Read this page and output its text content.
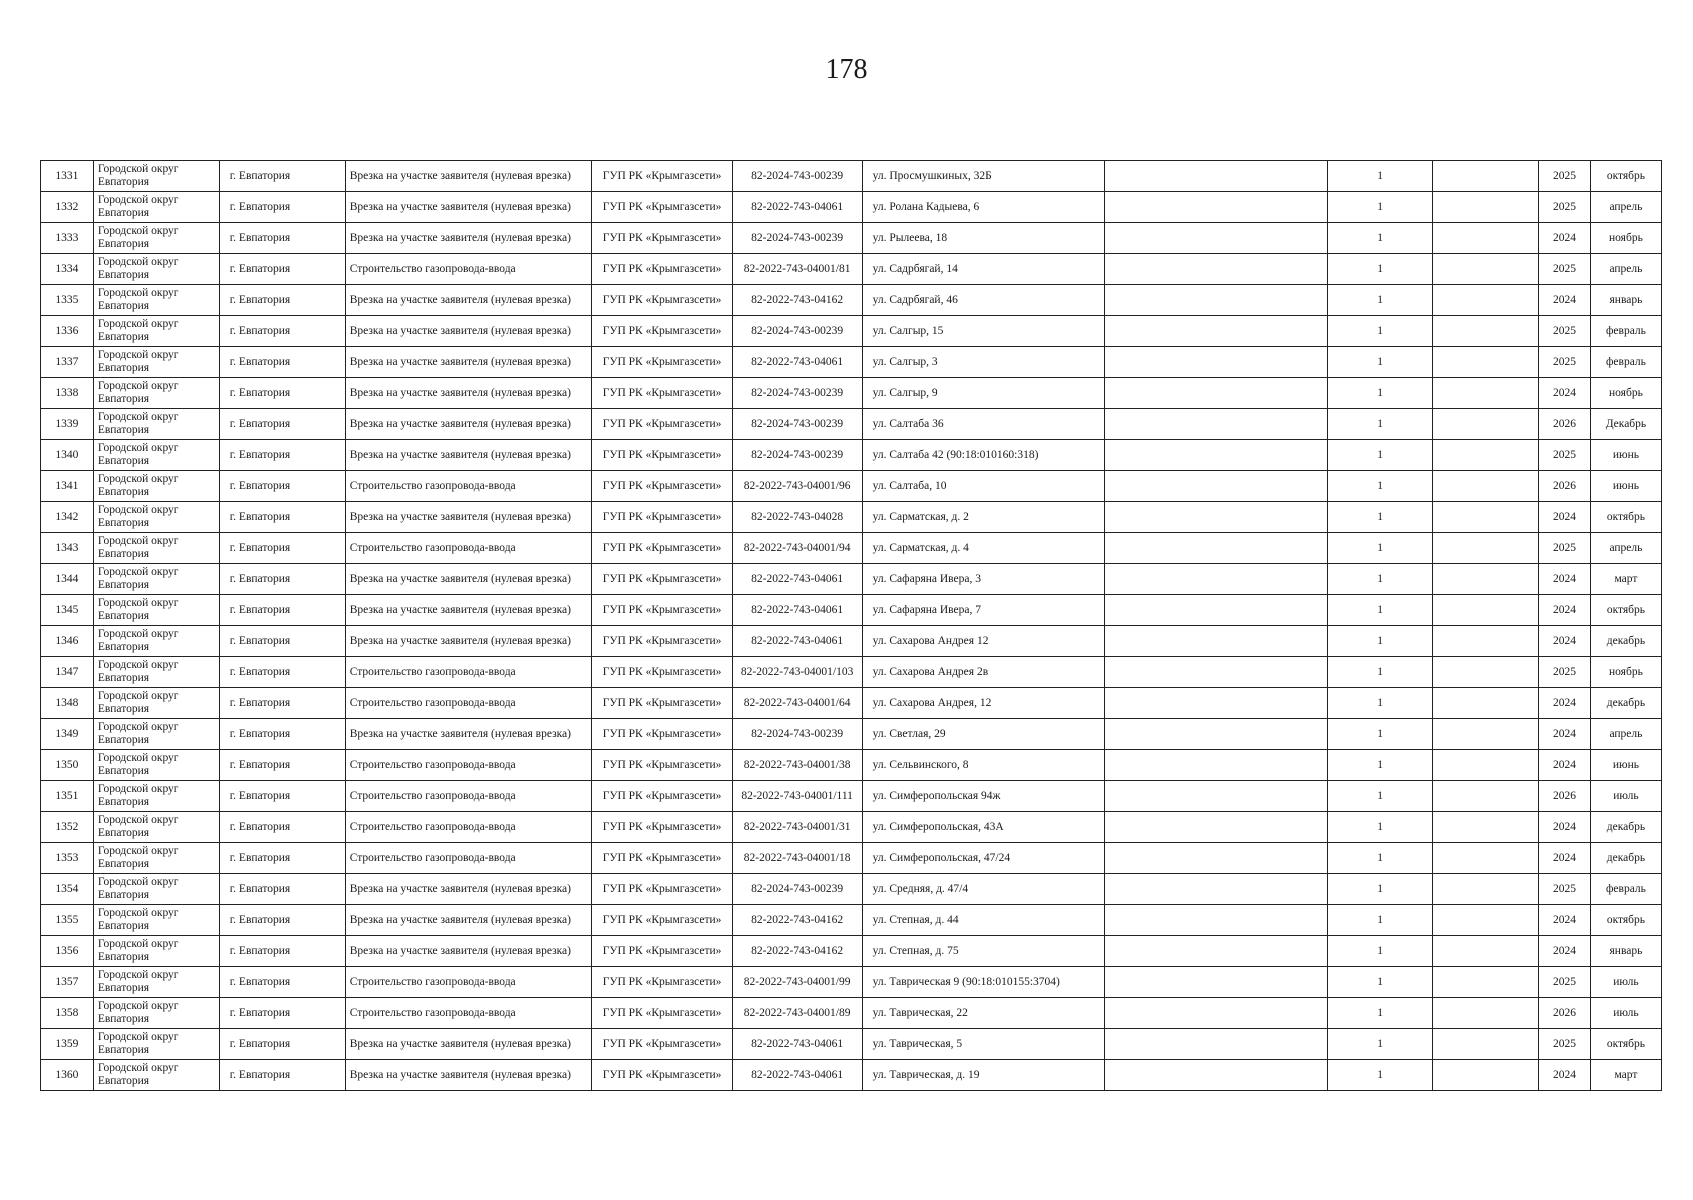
178
1331	Городской округ Евпатория	г. Евпатория	Врезка на участке заявителя (нулевая врезка)	ГУП РК «Крымгазсети»	82-2024-743-00239	ул. Просмушкиных, 32Б		1		2025	октябрь
1332	Городской округ Евпатория	г. Евпатория	Врезка на участке заявителя (нулевая врезка)	ГУП РК «Крымгазсети»	82-2022-743-04061	ул. Ролана Кадыева, 6		1		2025	апрель
1333	Городской округ Евпатория	г. Евпатория	Врезка на участке заявителя (нулевая врезка)	ГУП РК «Крымгазсети»	82-2024-743-00239	ул. Рылеева, 18		1		2024	ноябрь
1334	Городской округ Евпатория	г. Евпатория	Строительство газопровода-ввода	ГУП РК «Крымгазсети»	82-2022-743-04001/81	ул. Садрбягай, 14		1		2025	апрель
1335	Городской округ Евпатория	г. Евпатория	Врезка на участке заявителя (нулевая врезка)	ГУП РК «Крымгазсети»	82-2022-743-04162	ул. Садрбягай, 46		1		2024	январь
1336	Городской округ Евпатория	г. Евпатория	Врезка на участке заявителя (нулевая врезка)	ГУП РК «Крымгазсети»	82-2024-743-00239	ул. Салгыр, 15		1		2025	февраль
1337	Городской округ Евпатория	г. Евпатория	Врезка на участке заявителя (нулевая врезка)	ГУП РК «Крымгазсети»	82-2022-743-04061	ул. Салгыр, 3		1		2025	февраль
1338	Городской округ Евпатория	г. Евпатория	Врезка на участке заявителя (нулевая врезка)	ГУП РК «Крымгазсети»	82-2024-743-00239	ул. Салгыр, 9		1		2024	ноябрь
1339	Городской округ Евпатория	г. Евпатория	Врезка на участке заявителя (нулевая врезка)	ГУП РК «Крымгазсети»	82-2024-743-00239	ул. Салтаба 36		1		2026	Декабрь
1340	Городской округ Евпатория	г. Евпатория	Врезка на участке заявителя (нулевая врезка)	ГУП РК «Крымгазсети»	82-2024-743-00239	ул. Салтаба 42 (90:18:010160:318)		1		2025	июнь
1341	Городской округ Евпатория	г. Евпатория	Строительство газопровода-ввода	ГУП РК «Крымгазсети»	82-2022-743-04001/96	ул. Салтаба, 10		1		2026	июнь
1342	Городской округ Евпатория	г. Евпатория	Врезка на участке заявителя (нулевая врезка)	ГУП РК «Крымгазсети»	82-2022-743-04028	ул. Сарматская, д. 2		1		2024	октябрь
1343	Городской округ Евпатория	г. Евпатория	Строительство газопровода-ввода	ГУП РК «Крымгазсети»	82-2022-743-04001/94	ул. Сарматская, д. 4		1		2025	апрель
1344	Городской округ Евпатория	г. Евпатория	Врезка на участке заявителя (нулевая врезка)	ГУП РК «Крымгазсети»	82-2022-743-04061	ул. Сафаряна Ивера, 3		1		2024	март
1345	Городской округ Евпатория	г. Евпатория	Врезка на участке заявителя (нулевая врезка)	ГУП РК «Крымгазсети»	82-2022-743-04061	ул. Сафаряна Ивера, 7		1		2024	октябрь
1346	Городской округ Евпатория	г. Евпатория	Врезка на участке заявителя (нулевая врезка)	ГУП РК «Крымгазсети»	82-2022-743-04061	ул. Сахарова Андрея 12		1		2024	декабрь
1347	Городской округ Евпатория	г. Евпатория	Строительство газопровода-ввода	ГУП РК «Крымгазсети»	82-2022-743-04001/103	ул. Сахарова Андрея 2в		1		2025	ноябрь
1348	Городской округ Евпатория	г. Евпатория	Строительство газопровода-ввода	ГУП РК «Крымгазсети»	82-2022-743-04001/64	ул. Сахарова Андрея, 12		1		2024	декабрь
1349	Городской округ Евпатория	г. Евпатория	Врезка на участке заявителя (нулевая врезка)	ГУП РК «Крымгазсети»	82-2024-743-00239	ул. Светлая, 29		1		2024	апрель
1350	Городской округ Евпатория	г. Евпатория	Строительство газопровода-ввода	ГУП РК «Крымгазсети»	82-2022-743-04001/38	ул. Сельвинского, 8		1		2024	июнь
1351	Городской округ Евпатория	г. Евпатория	Строительство газопровода-ввода	ГУП РК «Крымгазсети»	82-2022-743-04001/111	ул. Симферопольская 94ж		1		2026	июль
1352	Городской округ Евпатория	г. Евпатория	Строительство газопровода-ввода	ГУП РК «Крымгазсети»	82-2022-743-04001/31	ул. Симферопольская, 43А		1		2024	декабрь
1353	Городской округ Евпатория	г. Евпатория	Строительство газопровода-ввода	ГУП РК «Крымгазсети»	82-2022-743-04001/18	ул. Симферопольская, 47/24		1		2024	декабрь
1354	Городской округ Евпатория	г. Евпатория	Врезка на участке заявителя (нулевая врезка)	ГУП РК «Крымгазсети»	82-2024-743-00239	ул. Средняя, д. 47/4		1		2025	февраль
1355	Городской округ Евпатория	г. Евпатория	Врезка на участке заявителя (нулевая врезка)	ГУП РК «Крымгазсети»	82-2022-743-04162	ул. Степная, д. 44		1		2024	октябрь
1356	Городской округ Евпатория	г. Евпатория	Врезка на участке заявителя (нулевая врезка)	ГУП РК «Крымгазсети»	82-2022-743-04162	ул. Степная, д. 75		1		2024	январь
1357	Городской округ Евпатория	г. Евпатория	Строительство газопровода-ввода	ГУП РК «Крымгазсети»	82-2022-743-04001/99	ул. Таврическая 9 (90:18:010155:3704)		1		2025	июль
1358	Городской округ Евпатория	г. Евпатория	Строительство газопровода-ввода	ГУП РК «Крымгазсети»	82-2022-743-04001/89	ул. Таврическая, 22		1		2026	июль
1359	Городской округ Евпатория	г. Евпатория	Врезка на участке заявителя (нулевая врезка)	ГУП РК «Крымгазсети»	82-2022-743-04061	ул. Таврическая, 5		1		2025	октябрь
1360	Городской округ Евпатория	г. Евпатория	Врезка на участке заявителя (нулевая врезка)	ГУП РК «Крымгазсети»	82-2022-743-04061	ул. Таврическая, д. 19		1		2024	март
